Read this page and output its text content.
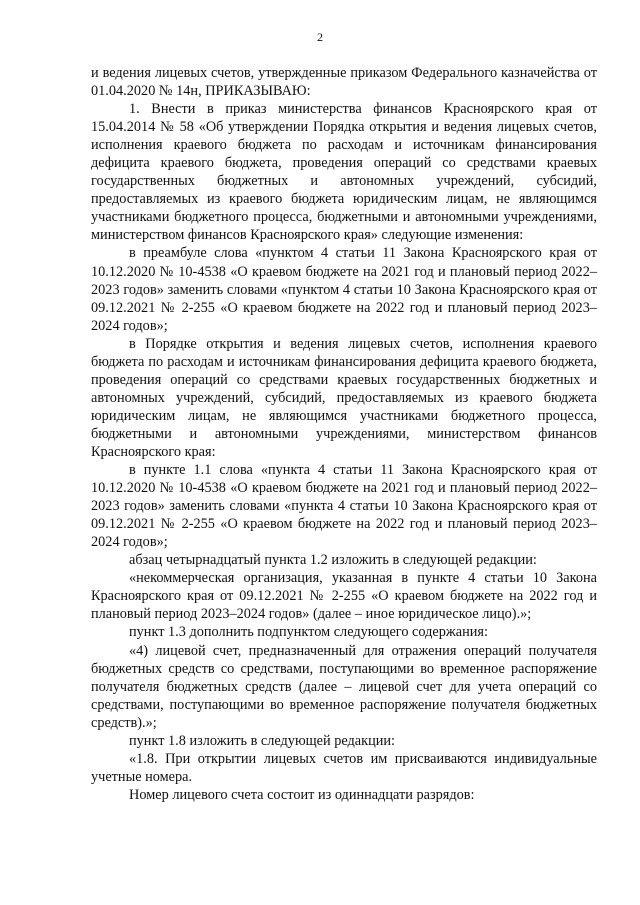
2

и ведения лицевых счетов, утвержденные приказом Федерального казначейства от 01.04.2020 № 14н, ПРИКАЗЫВАЮ:

1. Внести в приказ министерства финансов Красноярского края от 15.04.2014 № 58 «Об утверждении Порядка открытия и ведения лицевых счетов, исполнения краевого бюджета по расходам и источникам финансирования дефицита краевого бюджета, проведения операций со средствами краевых государственных бюджетных и автономных учреждений, субсидий, предоставляемых из краевого бюджета юридическим лицам, не являющимся участниками бюджетного процесса, бюджетными и автономными учреждениями, министерством финансов Красноярского края» следующие изменения:

в преамбуле слова «пунктом 4 статьи 11 Закона Красноярского края от 10.12.2020 № 10-4538 «О краевом бюджете на 2021 год и плановый период 2022–2023 годов» заменить словами «пунктом 4 статьи 10 Закона Красноярского края от 09.12.2021 № 2-255 «О краевом бюджете на 2022 год и плановый период 2023–2024 годов»;

в Порядке открытия и ведения лицевых счетов, исполнения краевого бюджета по расходам и источникам финансирования дефицита краевого бюджета, проведения операций со средствами краевых государственных бюджетных и автономных учреждений, субсидий, предоставляемых из краевого бюджета юридическим лицам, не являющимся участниками бюджетного процесса, бюджетными и автономными учреждениями, министерством финансов Красноярского края:

в пункте 1.1 слова «пункта 4 статьи 11 Закона Красноярского края от 10.12.2020 № 10-4538 «О краевом бюджете на 2021 год и плановый период 2022–2023 годов» заменить словами «пункта 4 статьи 10 Закона Красноярского края от 09.12.2021 № 2-255 «О краевом бюджете на 2022 год и плановый период 2023–2024 годов»;

абзац четырнадцатый пункта 1.2 изложить в следующей редакции:

«некоммерческая организация, указанная в пункте 4 статьи 10 Закона Красноярского края от 09.12.2021 № 2-255 «О краевом бюджете на 2022 год и плановый период 2023–2024 годов» (далее – иное юридическое лицо).»;

пункт 1.3 дополнить подпунктом следующего содержания:

«4) лицевой счет, предназначенный для отражения операций получателя бюджетных средств со средствами, поступающими во временное распоряжение получателя бюджетных средств (далее – лицевой счет для учета операций со средствами, поступающими во временное распоряжение получателя бюджетных средств).»;

пункт 1.8 изложить в следующей редакции:

«1.8. При открытии лицевых счетов им присваиваются индивидуальные учетные номера.

Номер лицевого счета состоит из одиннадцати разрядов:
